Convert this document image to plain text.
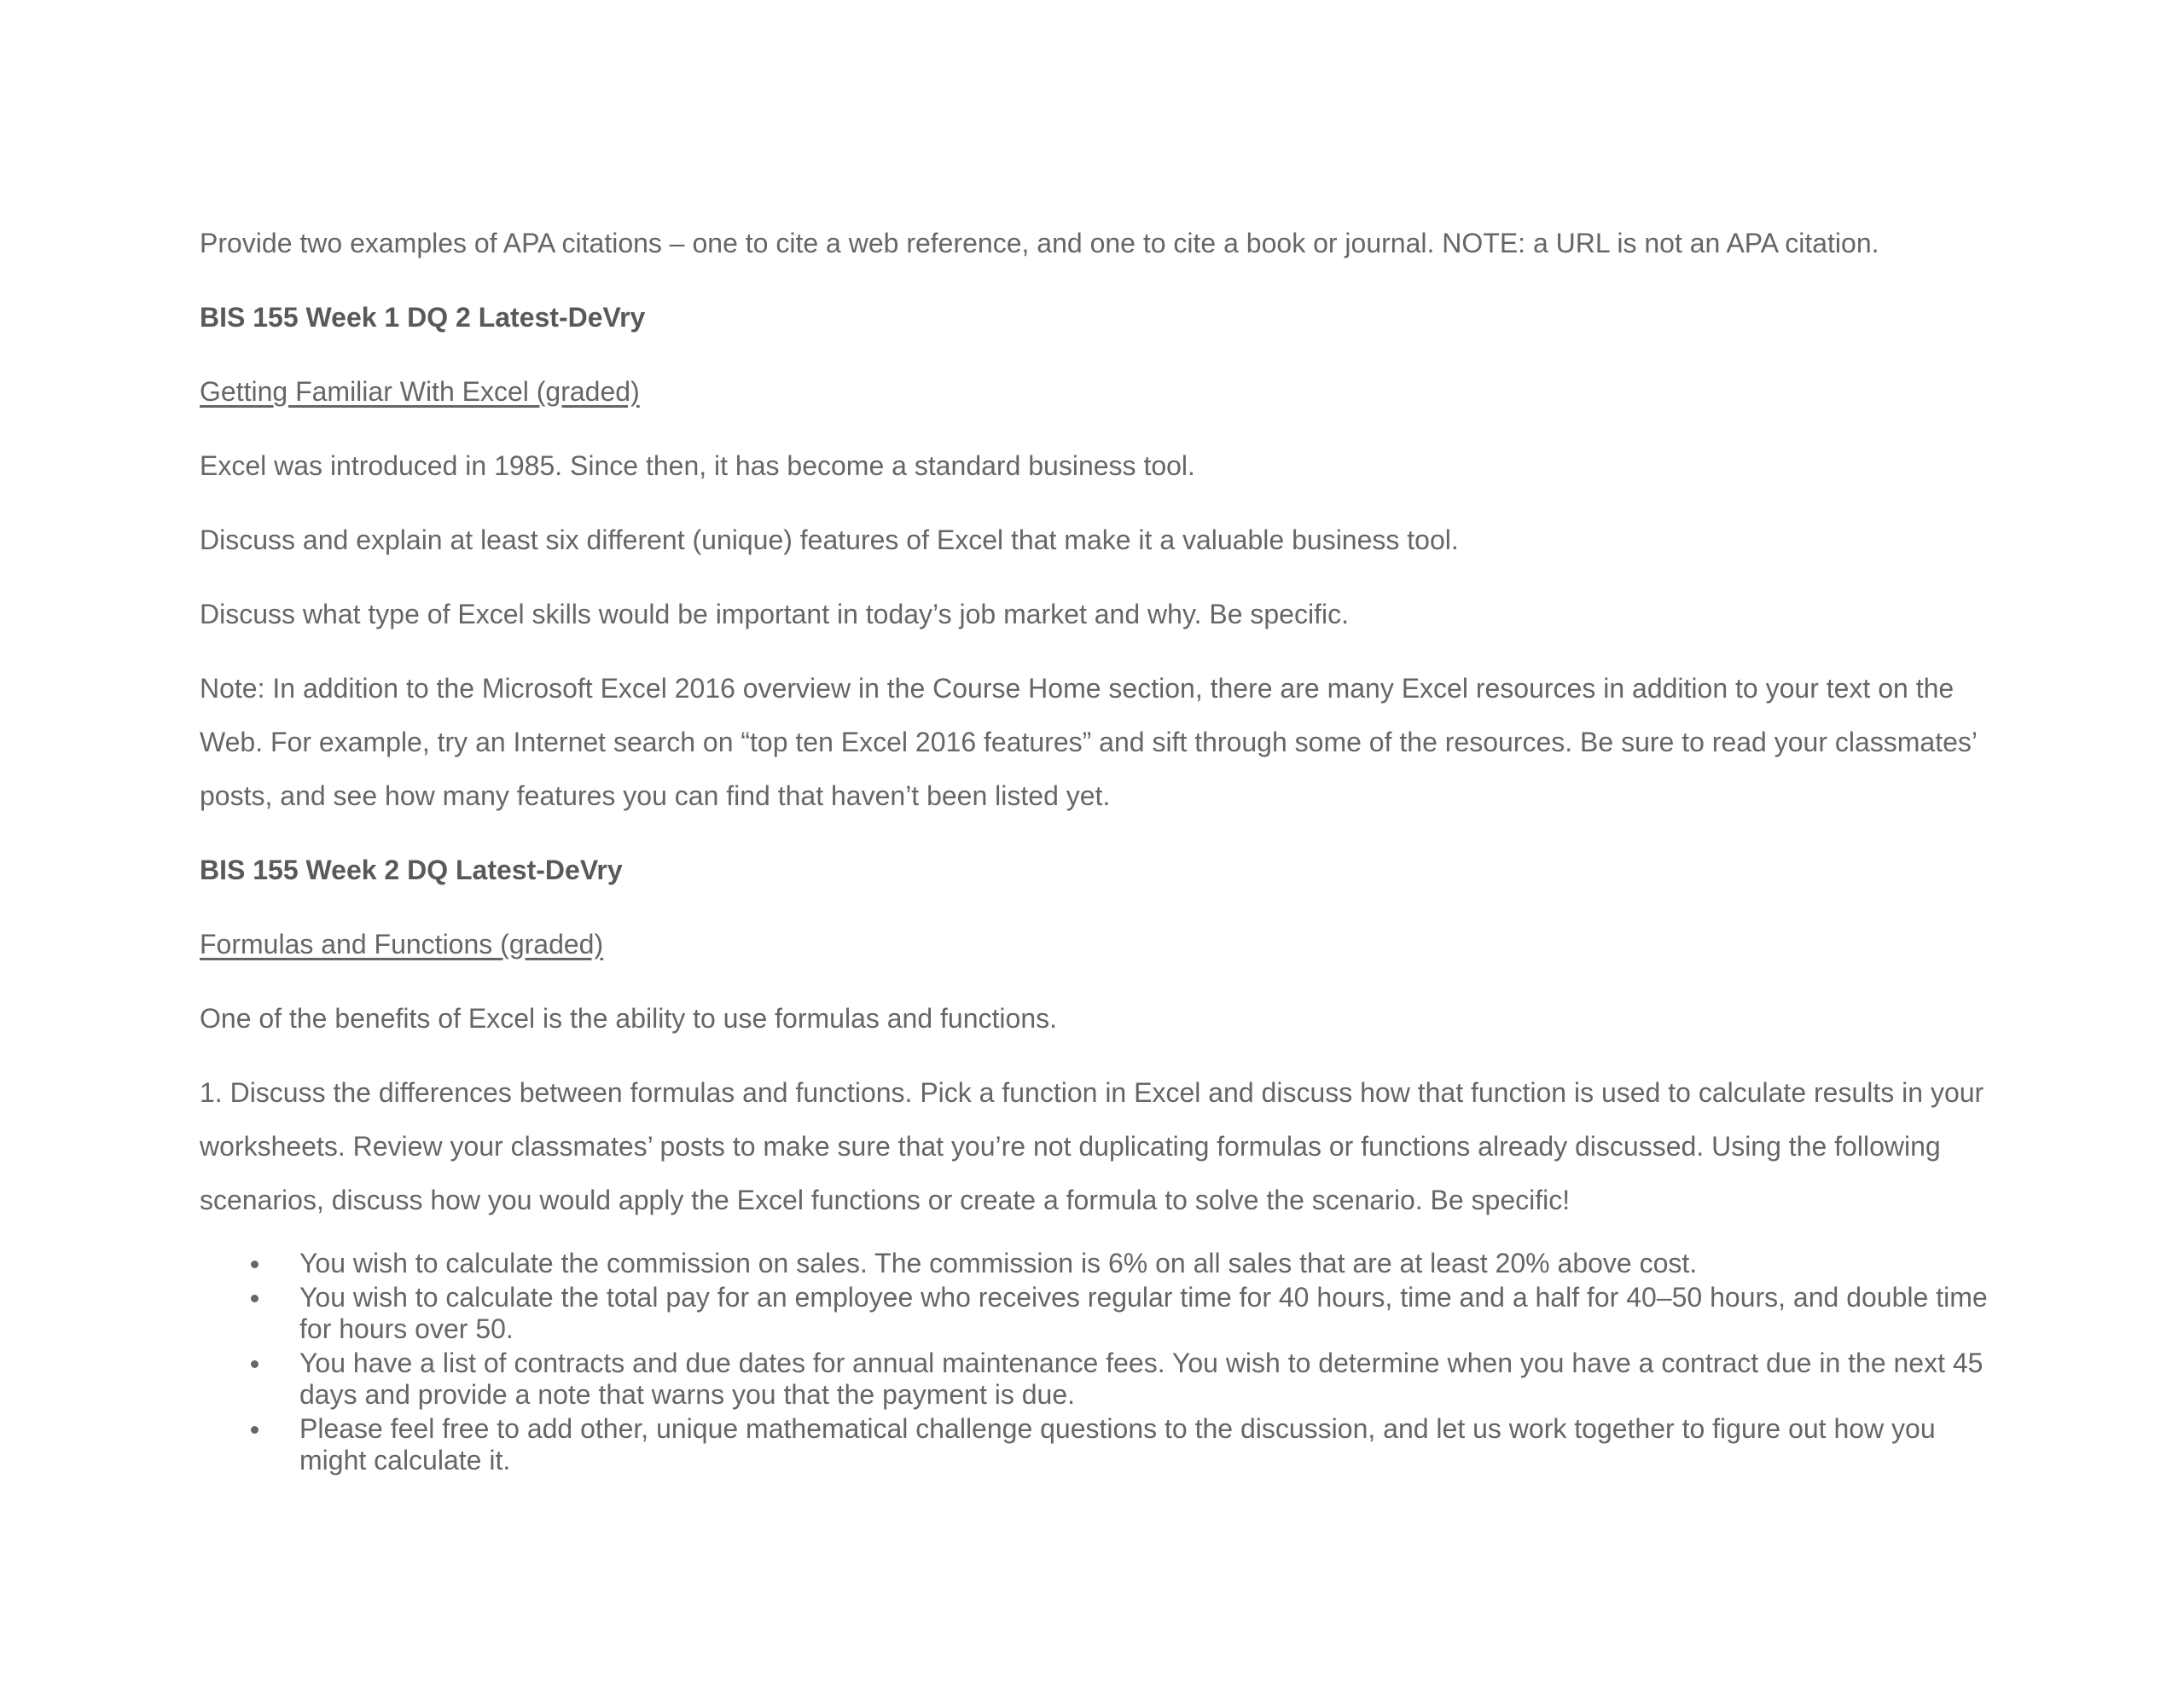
Provide two examples of APA citations – one to cite a web reference, and one to cite a book or journal. NOTE: a URL is not an APA citation.

BIS 155 Week 1 DQ 2 Latest-DeVry

Getting Familiar With Excel (graded)

Excel was introduced in 1985. Since then, it has become a standard business tool.

Discuss and explain at least six different (unique) features of Excel that make it a valuable business tool.

Discuss what type of Excel skills would be important in today’s job market and why. Be specific.

Note: In addition to the Microsoft Excel 2016 overview in the Course Home section, there are many Excel resources in addition to your text on the Web. For example, try an Internet search on “top ten Excel 2016 features” and sift through some of the resources. Be sure to read your classmates’ posts, and see how many features you can find that haven’t been listed yet.

BIS 155 Week 2 DQ Latest-DeVry

Formulas and Functions (graded)

One of the benefits of Excel is the ability to use formulas and functions.

1. Discuss the differences between formulas and functions. Pick a function in Excel and discuss how that function is used to calculate results in your worksheets. Review your classmates’ posts to make sure that you’re not duplicating formulas or functions already discussed. Using the following scenarios, discuss how you would apply the Excel functions or create a formula to solve the scenario. Be specific!

You wish to calculate the commission on sales. The commission is 6% on all sales that are at least 20% above cost.
You wish to calculate the total pay for an employee who receives regular time for 40 hours, time and a half for 40–50 hours, and double time for hours over 50.
You have a list of contracts and due dates for annual maintenance fees. You wish to determine when you have a contract due in the next 45 days and provide a note that warns you that the payment is due.
Please feel free to add other, unique mathematical challenge questions to the discussion, and let us work together to figure out how you might calculate it.
